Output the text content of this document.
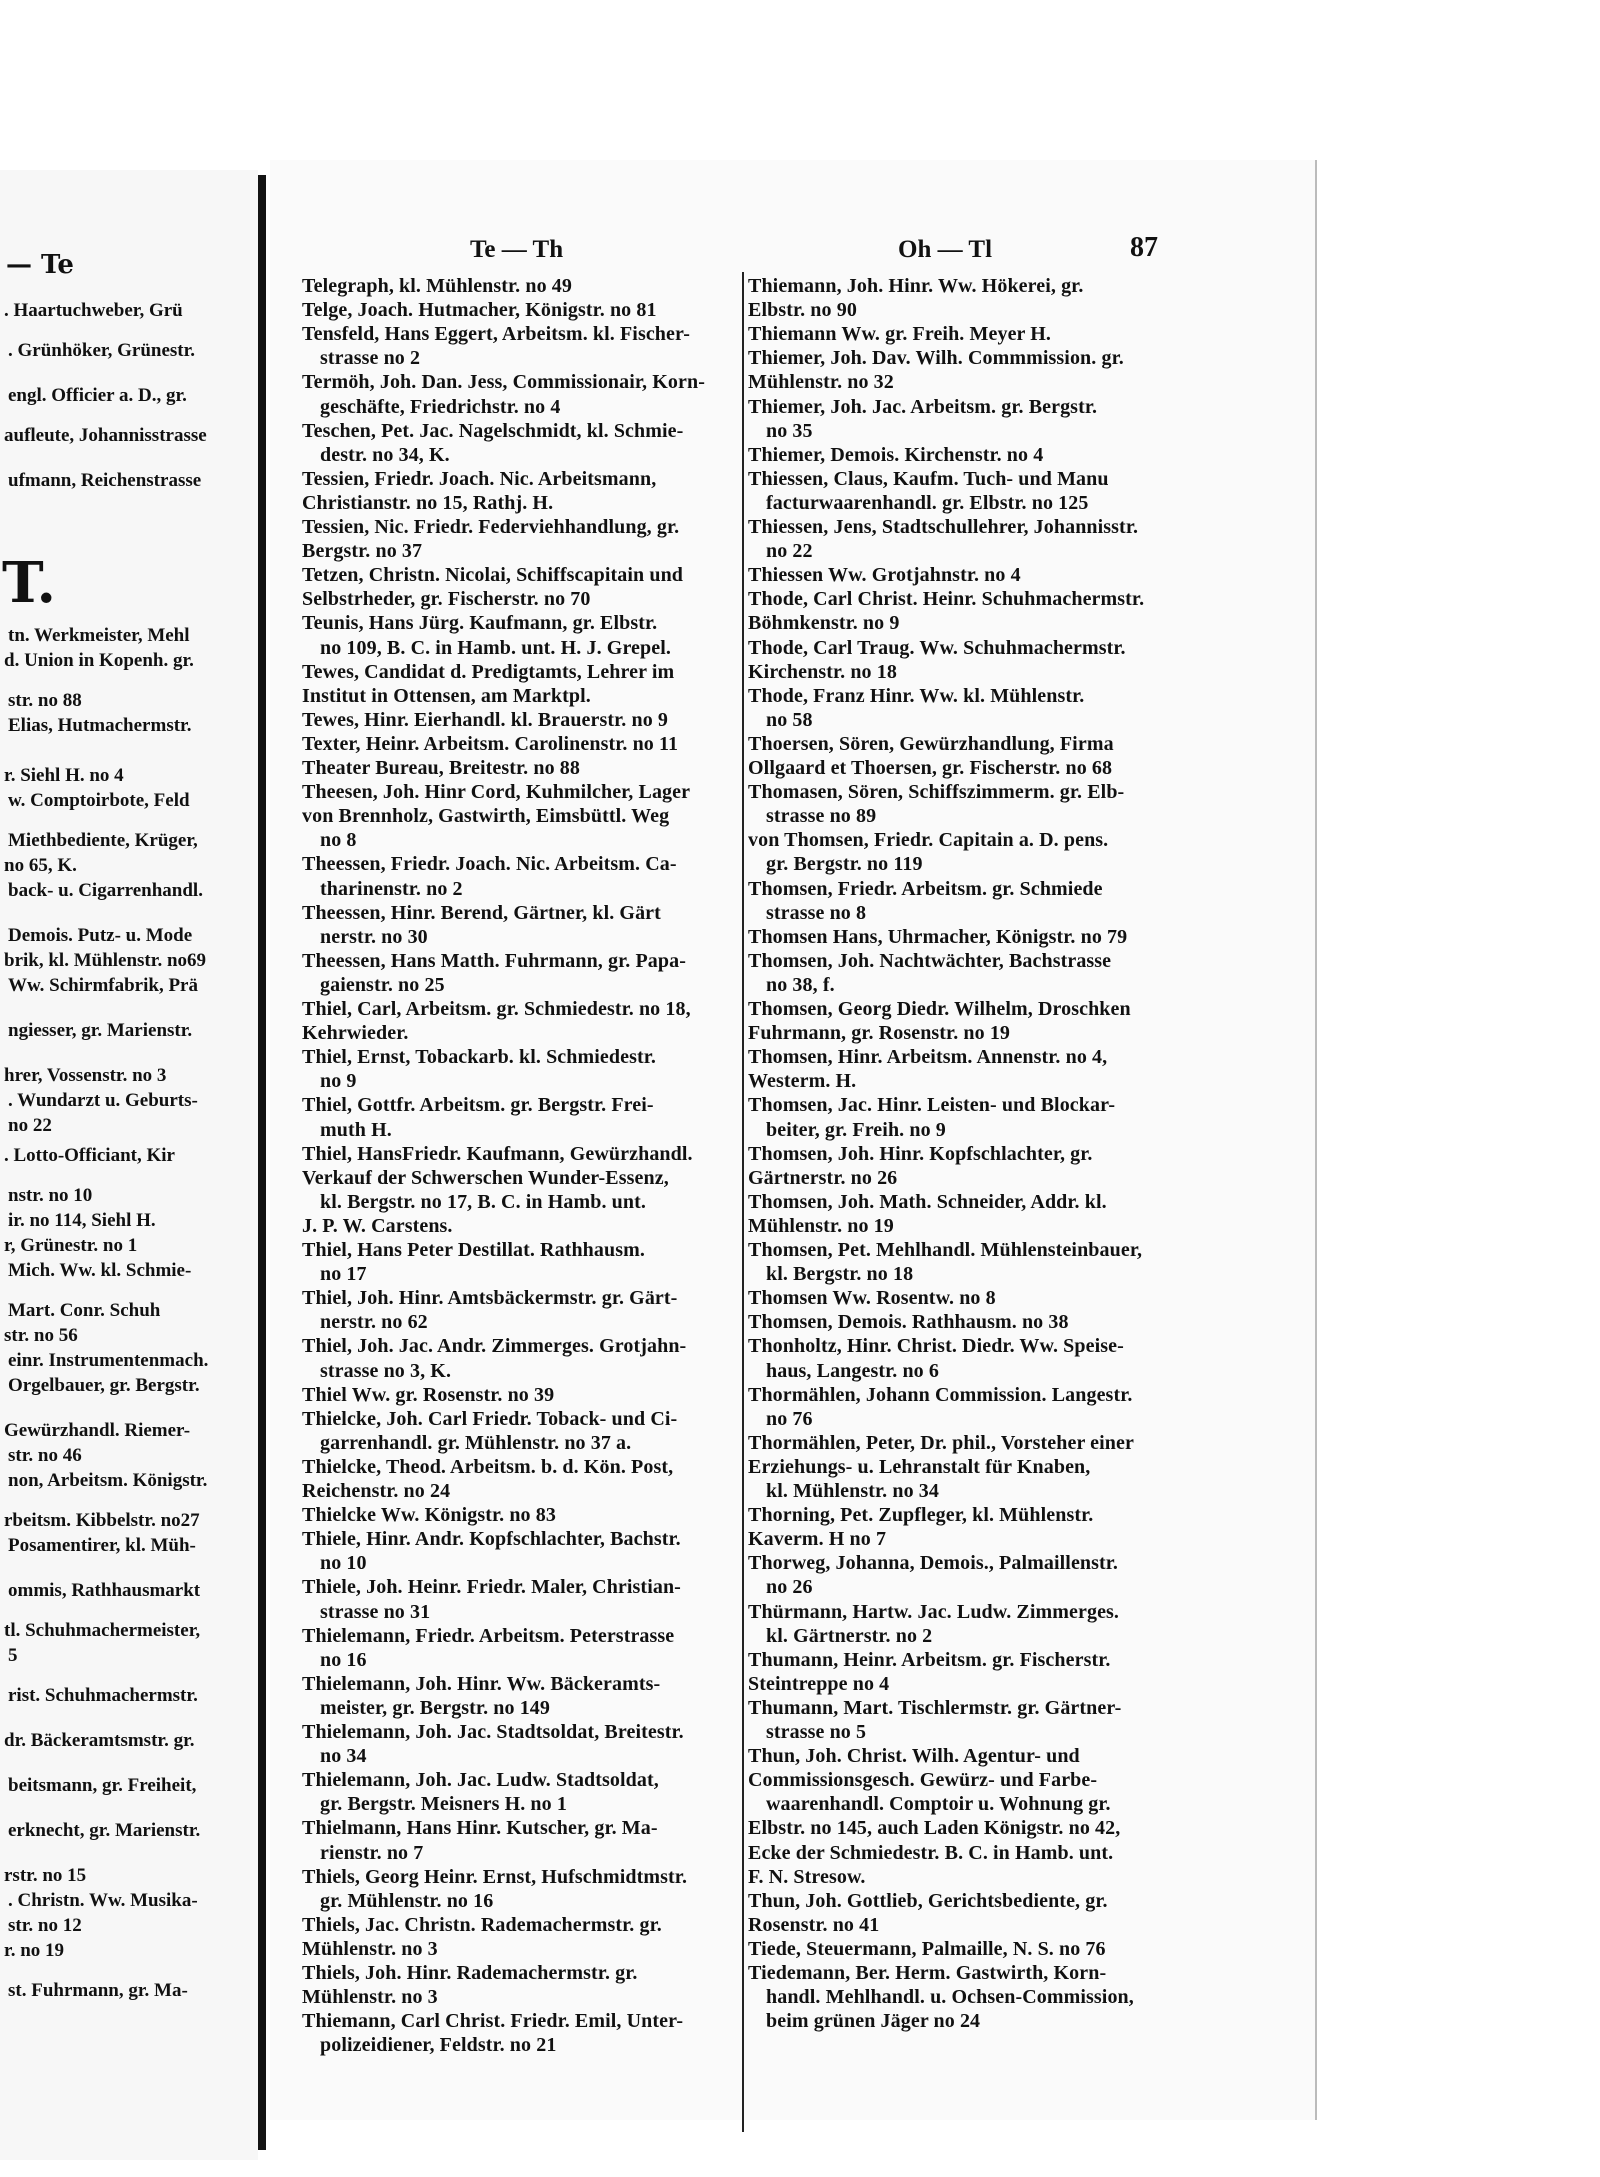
— Te
T.
. Haartuchweber, Grü
. Grünhöker, Grünestr.
engl. Officier a. D., gr.
aufleute, Johannisstrasse
ufmann, Reichenstrasse
tn. Werkmeister, Mehl
d. Union in Kopenh. gr.
str. no 88
Elias, Hutmachermstr.
r. Siehl H. no 4
w. Comptoirbote, Feld
Miethbediente, Krüger,
no 65, K.
back- u. Cigarrenhandl.
Demois. Putz- u. Mode
brik, kl. Mühlenstr. no69
Ww. Schirmfabrik, Prä
ngiesser, gr. Marienstr.
hrer, Vossenstr. no 3
. Wundarzt u. Geburts-
no 22
. Lotto-Officiant, Kir
nstr. no 10
ir. no 114, Siehl H.
r, Grünestr. no 1
Mich. Ww. kl. Schmie-
Mart. Conr. Schuh
str. no 56
einr. Instrumentenmach.
Orgelbauer, gr. Bergstr.
Gewürzhandl. Riemer-
str. no 46
non, Arbeitsm. Königstr.
rbeitsm. Kibbelstr. no27
Posamentirer, kl. Müh-
ommis, Rathhausmarkt
tl. Schuhmachermeister,
5
rist. Schuhmachermstr.
dr. Bäckeramtsmstr. gr.
beitsmann, gr. Freiheit,
erknecht, gr. Marienstr.
rstr. no 15
. Christn. Ww. Musika-
str. no 12
r. no 19
st. Fuhrmann, gr. Ma-
Te — Th	Oh — Tl	87
Telegraph, kl. Mühlenstr. no 49
Telge, Joach. Hutmacher, Königstr. no 81
Tensfeld, Hans Eggert, Arbeitsm. kl. Fischer-
strasse no 2
Termöh, Joh. Dan. Jess, Commissionair, Korn-
geschäfte, Friedrichstr. no 4
Teschen, Pet. Jac. Nagelschmidt, kl. Schmie-
destr. no 34, K.
Tessien, Friedr. Joach. Nic. Arbeitsmann,
Christianstr. no 15, Rathj. H.
Tessien, Nic. Friedr. Federviehhandlung, gr.
Bergstr. no 37
Tetzen, Christn. Nicolai, Schiffscapitain und
Selbstrheder, gr. Fischerstr. no 70
Teunis, Hans Jürg. Kaufmann, gr. Elbstr.
no 109, B. C. in Hamb. unt. H. J. Grepel.
Tewes, Candidat d. Predigtamts, Lehrer im
Institut in Ottensen, am Marktpl.
Tewes, Hinr. Eierhandl. kl. Brauerstr. no 9
Texter, Heinr. Arbeitsm. Carolinenstr. no 11
Theater Bureau, Breitestr. no 88
Theesen, Joh. Hinr Cord, Kuhmilcher, Lager
von Brennholz, Gastwirth, Eimsbüttl. Weg
no 8
Theessen, Friedr. Joach. Nic. Arbeitsm. Ca-
tharinenstr. no 2
Theessen, Hinr. Berend, Gärtner, kl. Gärt
nerstr. no 30
Theessen, Hans Matth. Fuhrmann, gr. Papa-
gaienstr. no 25
Thiel, Carl, Arbeitsm. gr. Schmiedestr. no 18,
Kehrwieder.
Thiel, Ernst, Tobackarb. kl. Schmiedestr.
no 9
Thiel, Gottfr. Arbeitsm. gr. Bergstr. Frei-
muth H.
Thiel, HansFriedr. Kaufmann, Gewürzhandl.
Verkauf der Schwerschen Wunder-Essenz,
kl. Bergstr. no 17, B. C. in Hamb. unt.
J. P. W. Carstens.
Thiel, Hans Peter Destillat. Rathhausm.
no 17
Thiel, Joh. Hinr. Amtsbäckermstr. gr. Gärt-
nerstr. no 62
Thiel, Joh. Jac. Andr. Zimmerges. Grotjahn-
strasse no 3, K.
Thiel Ww. gr. Rosenstr. no 39
Thielcke, Joh. Carl Friedr. Toback- und Ci-
garrenhandl. gr. Mühlenstr. no 37 a.
Thielcke, Theod. Arbeitsm. b. d. Kön. Post,
Reichenstr. no 24
Thielcke Ww. Königstr. no 83
Thiele, Hinr. Andr. Kopfschlachter, Bachstr.
no 10
Thiele, Joh. Heinr. Friedr. Maler, Christian-
strasse no 31
Thielemann, Friedr. Arbeitsm. Peterstrasse
no 16
Thielemann, Joh. Hinr. Ww. Bäckeramts-
meister, gr. Bergstr. no 149
Thielemann, Joh. Jac. Stadtsoldat, Breitestr.
no 34
Thielemann, Joh. Jac. Ludw. Stadtsoldat,
gr. Bergstr. Meisners H. no 1
Thielmann, Hans Hinr. Kutscher, gr. Ma-
rienstr. no 7
Thiels, Georg Heinr. Ernst, Hufschmidtmstr.
gr. Mühlenstr. no 16
Thiels, Jac. Christn. Rademachermstr. gr.
Mühlenstr. no 3
Thiels, Joh. Hinr. Rademachermstr. gr.
Mühlenstr. no 3
Thiemann, Carl Christ. Friedr. Emil, Unter-
polizeidiener, Feldstr. no 21
Thiemann, Joh. Hinr. Ww. Hökerei, gr.
Elbstr. no 90
Thiemann Ww. gr. Freih. Meyer H.
Thiemer, Joh. Dav. Wilh. Commmission. gr.
Mühlenstr. no 32
Thiemer, Joh. Jac. Arbeitsm. gr. Bergstr.
no 35
Thiemer, Demois. Kirchenstr. no 4
Thiessen, Claus, Kaufm. Tuch- und Manu
facturwaarenhandl. gr. Elbstr. no 125
Thiessen, Jens, Stadtschullehrer, Johannisstr.
no 22
Thiessen Ww. Grotjahnstr. no 4
Thode, Carl Christ. Heinr. Schuhmachermstr.
Böhmkenstr. no 9
Thode, Carl Traug. Ww. Schuhmachermstr.
Kirchenstr. no 18
Thode, Franz Hinr. Ww. kl. Mühlenstr.
no 58
Thoersen, Sören, Gewürzhandlung, Firma
Ollgaard et Thoersen, gr. Fischerstr. no 68
Thomasen, Sören, Schiffszimmerm. gr. Elb-
strasse no 89
von Thomsen, Friedr. Capitain a. D. pens.
gr. Bergstr. no 119
Thomsen, Friedr. Arbeitsm. gr. Schmiede
strasse no 8
Thomsen Hans, Uhrmacher, Königstr. no 79
Thomsen, Joh. Nachtwächter, Bachstrasse
no 38, f.
Thomsen, Georg Diedr. Wilhelm, Droschken
Fuhrmann, gr. Rosenstr. no 19
Thomsen, Hinr. Arbeitsm. Annenstr. no 4,
Westerm. H.
Thomsen, Jac. Hinr. Leisten- und Blockar-
beiter, gr. Freih. no 9
Thomsen, Joh. Hinr. Kopfschlachter, gr.
Gärtnerstr. no 26
Thomsen, Joh. Math. Schneider, Addr. kl.
Mühlenstr. no 19
Thomsen, Pet. Mehlhandl. Mühlensteinbauer,
kl. Bergstr. no 18
Thomsen Ww. Rosentw. no 8
Thomsen, Demois. Rathhausm. no 38
Thonholtz, Hinr. Christ. Diedr. Ww. Speise-
haus, Langestr. no 6
Thormählen, Johann Commission. Langestr.
no 76
Thormählen, Peter, Dr. phil., Vorsteher einer
Erziehungs- u. Lehranstalt für Knaben,
kl. Mühlenstr. no 34
Thorning, Pet. Zupfleger, kl. Mühlenstr.
Kaverm. H no 7
Thorweg, Johanna, Demois., Palmaillenstr.
no 26
Thürmann, Hartw. Jac. Ludw. Zimmerges.
kl. Gärtnerstr. no 2
Thumann, Heinr. Arbeitsm. gr. Fischerstr.
Steintreppe no 4
Thumann, Mart. Tischlermstr. gr. Gärtner-
strasse no 5
Thun, Joh. Christ. Wilh. Agentur- und
Commissionsgesch. Gewürz- und Farbe-
waarenhandl. Comptoir u. Wohnung gr.
Elbstr. no 145, auch Laden Königstr. no 42,
Ecke der Schmiedestr. B. C. in Hamb. unt.
F. N. Stresow.
Thun, Joh. Gottlieb, Gerichtsbediente, gr.
Rosenstr. no 41
Tiede, Steuermann, Palmaille, N. S. no 76
Tiedemann, Ber. Herm. Gastwirth, Korn-
handl. Mehlhandl. u. Ochsen-Commission,
beim grünen Jäger no 24
